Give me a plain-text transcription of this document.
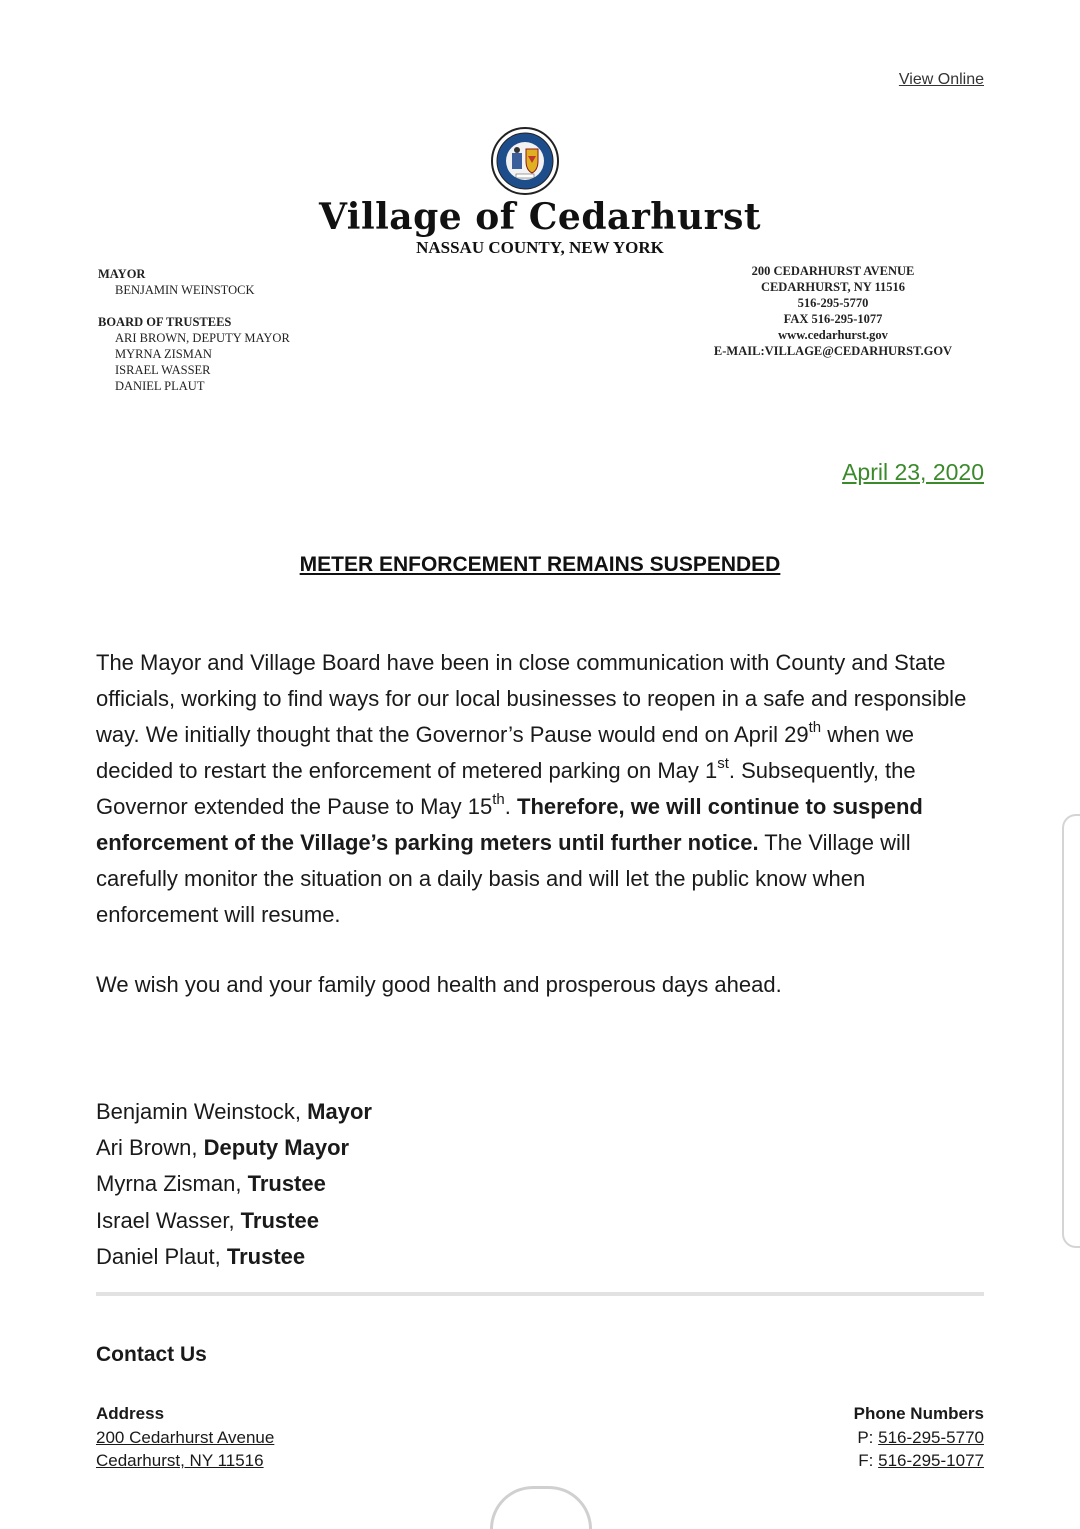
View Online
Village of Cedarhurst
NASSAU COUNTY, NEW YORK
MAYOR
BENJAMIN WEINSTOCK
BOARD OF TRUSTEES
ARI BROWN, DEPUTY MAYOR
MYRNA ZISMAN
ISRAEL WASSER
DANIEL PLAUT
200 CEDARHURST AVENUE
CEDARHURST, NY 11516
516-295-5770
FAX 516-295-1077
www.cedarhurst.gov
E-MAIL:VILLAGE@CEDARHURST.GOV
April 23, 2020
METER ENFORCEMENT REMAINS SUSPENDED

The Mayor and Village Board have been in close communication with County and State officials, working to find ways for our local businesses to reopen in a safe and responsible way. We initially thought that the Governor’s Pause would end on April 29th when we decided to restart the enforcement of metered parking on May 1st. Subsequently, the Governor extended the Pause to May 15th. Therefore, we will continue to suspend enforcement of the Village’s parking meters until further notice. The Village will carefully monitor the situation on a daily basis and will let the public know when enforcement will resume.

We wish you and your family good health and prosperous days ahead.
Benjamin Weinstock, Mayor
Ari Brown, Deputy Mayor
Myrna Zisman, Trustee
Israel Wasser, Trustee
Daniel Plaut, Trustee
Contact Us
Address
200 Cedarhurst Avenue
Cedarhurst, NY 11516
Phone Numbers
P: 516-295-5770
F: 516-295-1077
